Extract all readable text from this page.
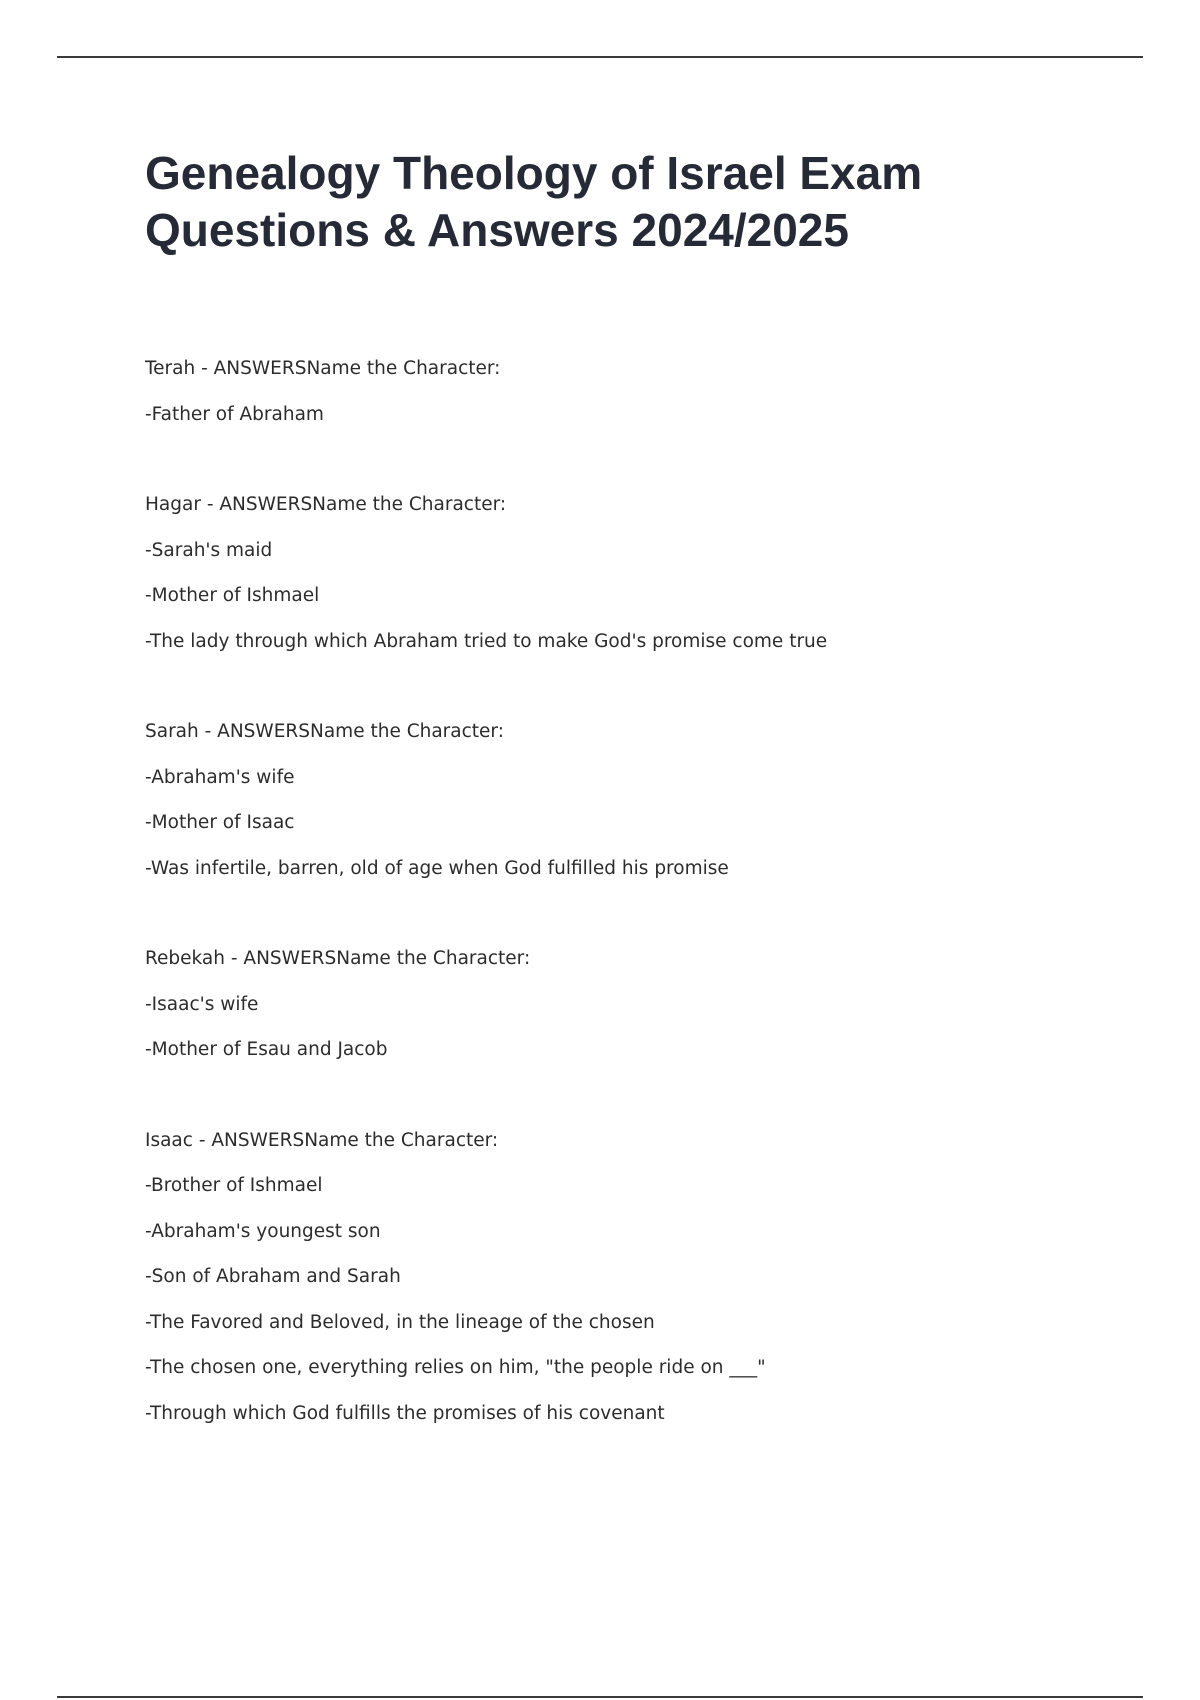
Genealogy Theology of Israel Exam
Questions & Answers 2024/2025
Terah - ANSWERSName the Character:
-Father of Abraham
Hagar - ANSWERSName the Character:
-Sarah's maid
-Mother of Ishmael
-The lady through which Abraham tried to make God's promise come true
Sarah - ANSWERSName the Character:
-Abraham's wife
-Mother of Isaac
-Was infertile, barren, old of age when God fulfilled his promise
Rebekah - ANSWERSName the Character:
-Isaac's wife
-Mother of Esau and Jacob
Isaac - ANSWERSName the Character:
-Brother of Ishmael
-Abraham's youngest son
-Son of Abraham and Sarah
-The Favored and Beloved, in the lineage of the chosen
-The chosen one, everything relies on him, "the people ride on ___"
-Through which God fulfills the promises of his covenant
